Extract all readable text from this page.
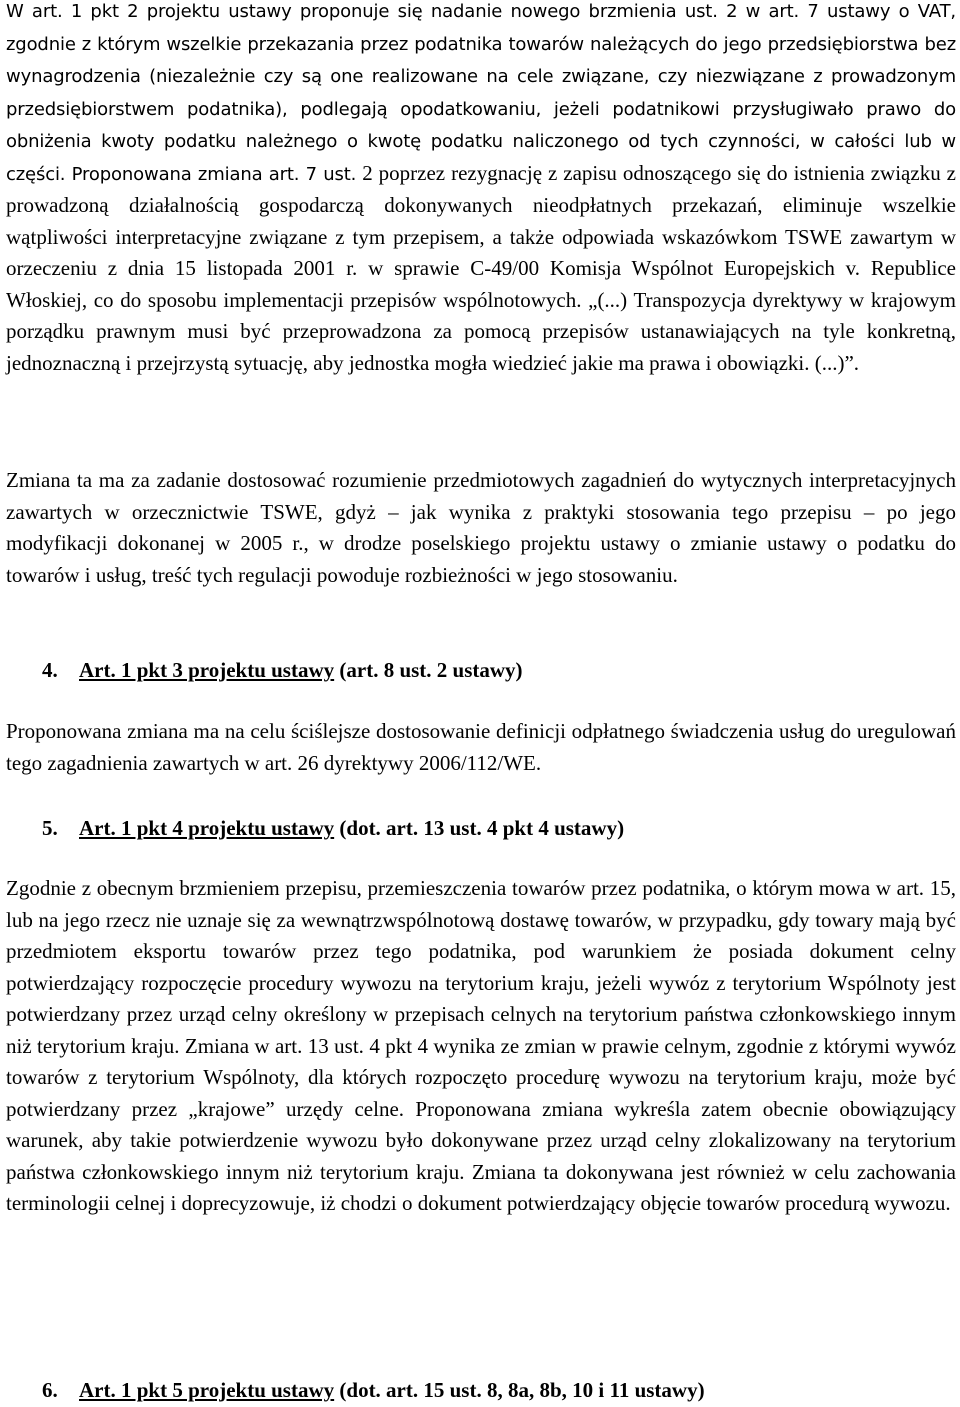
W art. 1 pkt 2 projektu ustawy proponuje się nadanie nowego brzmienia ust. 2 w art. 7 ustawy o VAT, zgodnie z którym wszelkie przekazania przez podatnika towarów należących do jego przedsiębiorstwa bez wynagrodzenia (niezależnie czy są one realizowane na cele związane, czy niezwiązane z prowadzonym przedsiębiorstwem podatnika), podlegają opodatkowaniu, jeżeli podatnikowi przysługiwało prawo do obniżenia kwoty podatku należnego o kwotę podatku naliczonego od tych czynności, w całości lub w części. Proponowana zmiana art. 7 ust. 2 poprzez rezygnację z zapisu odnoszącego się do istnienia związku z prowadzoną działalnością gospodarczą dokonywanych nieodpłatnych przekazań, eliminuje wszelkie wątpliwości interpretacyjne związane z tym przepisem, a także odpowiada wskazówkom TSWE zawartym w orzeczeniu z dnia 15 listopada 2001 r. w sprawie C-49/00 Komisja Wspólnot Europejskich v. Republice Włoskiej, co do sposobu implementacji przepisów wspólnotowych. „(...) Transpozycja dyrektywy w krajowym porządku prawnym musi być przeprowadzona za pomocą przepisów ustanawiających na tyle konkretną, jednoznaczną i przejrzystą sytuację, aby jednostka mogła wiedzieć jakie ma prawa i obowiązki. (...)”.

Zmiana ta ma za zadanie dostosować rozumienie przedmiotowych zagadnień do wytycznych interpretacyjnych zawartych w orzecznictwie TSWE, gdyż – jak wynika z praktyki stosowania tego przepisu – po jego modyfikacji dokonanej w 2005 r., w drodze poselskiego projektu ustawy o zmianie ustawy o podatku do towarów i usług, treść tych regulacji powoduje rozbieżności w jego stosowaniu.

4. Art. 1 pkt 3 projektu ustawy (art. 8 ust. 2 ustawy)

Proponowana zmiana ma na celu ściślejsze dostosowanie definicji odpłatnego świadczenia usług do uregulowań tego zagadnienia zawartych w art. 26 dyrektywy 2006/112/WE.

5. Art. 1 pkt 4 projektu ustawy (dot. art. 13 ust. 4 pkt 4 ustawy)

Zgodnie z obecnym brzmieniem przepisu, przemieszczenia towarów przez podatnika, o którym mowa w art. 15, lub na jego rzecz nie uznaje się za wewnątrzwspólnotową dostawę towarów, w przypadku, gdy towary mają być przedmiotem eksportu towarów przez tego podatnika, pod warunkiem że posiada dokument celny potwierdzający rozpoczęcie procedury wywozu na terytorium kraju, jeżeli wywóz z terytorium Wspólnoty jest potwierdzany przez urząd celny określony w przepisach celnych na terytorium państwa członkowskiego innym niż terytorium kraju. Zmiana w art. 13 ust. 4 pkt 4 wynika ze zmian w prawie celnym, zgodnie z którymi wywóz towarów z terytorium Wspólnoty, dla których rozpoczęto procedurę wywozu na terytorium kraju, może być potwierdzany przez „krajowe” urzędy celne. Proponowana zmiana wykreśla zatem obecnie obowiązujący warunek, aby takie potwierdzenie wywozu było dokonywane przez urząd celny zlokalizowany na terytorium państwa członkowskiego innym niż terytorium kraju. Zmiana ta dokonywana jest również w celu zachowania terminologii celnej i doprecyzowuje, iż chodzi o dokument potwierdzający objęcie towarów procedurą wywozu.

6. Art. 1 pkt 5 projektu ustawy (dot. art. 15 ust. 8, 8a, 8b, 10 i 11 ustawy)
